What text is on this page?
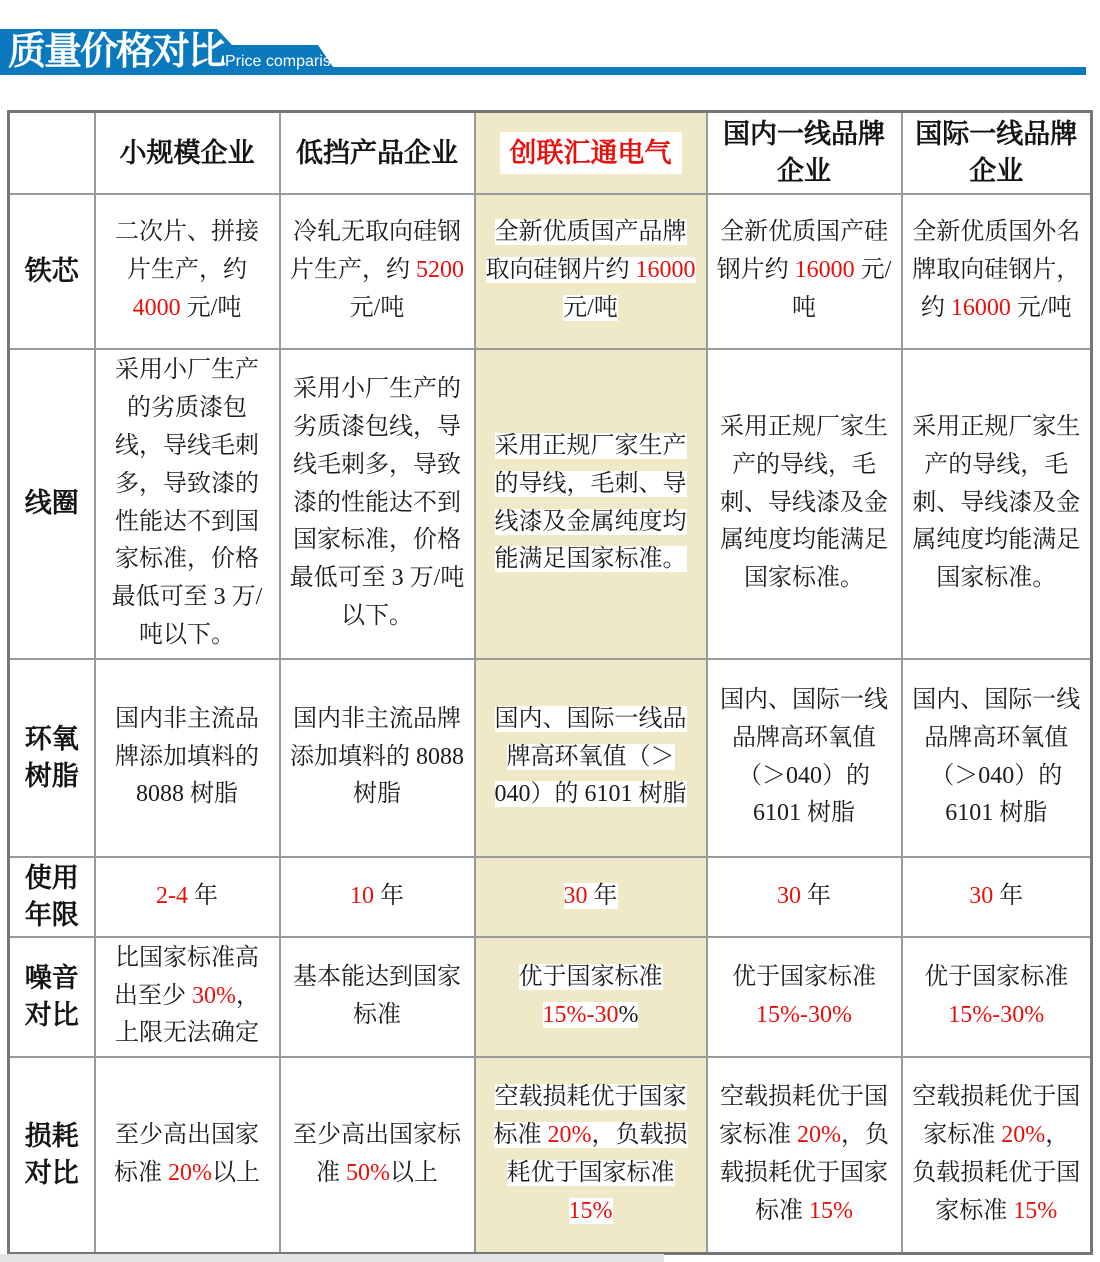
质量价格对比 Price comparison
	小规模企业	低挡产品企业	创联汇通电气	国内一线品牌企业	国际一线品牌企业
铁芯	二次片、拼接片生产，约 4000 元/吨	冷轧无取向硅钢片生产，约 5200 元/吨	全新优质国产品牌取向硅钢片约 16000 元/吨	全新优质国产硅钢片约 16000 元/吨	全新优质国外名牌取向硅钢片，约 16000 元/吨
线圈	采用小厂生产的劣质漆包线，导线毛刺多，导致漆的性能达不到国家标准，价格最低可至 3 万/吨以下。	采用小厂生产的劣质漆包线，导线毛刺多，导致漆的性能达不到国家标准，价格最低可至 3 万/吨以下。	采用正规厂家生产的导线，毛刺、导线漆及金属纯度均能满足国家标准。	采用正规厂家生产的导线，毛刺、导线漆及金属纯度均能满足国家标准。	采用正规厂家生产的导线，毛刺、导线漆及金属纯度均能满足国家标准。
环氧树脂	国内非主流品牌添加填料的 8088 树脂	国内非主流品牌添加填料的 8088 树脂	国内、国际一线品牌高环氧值（＞040）的 6101 树脂	国内、国际一线品牌高环氧值（＞040）的 6101 树脂	国内、国际一线品牌高环氧值（＞040）的 6101 树脂
使用年限	2-4 年	10 年	30 年	30 年	30 年
噪音对比	比国家标准高出至少 30%，上限无法确定	基本能达到国家标准	优于国家标准 15%-30%	优于国家标准 15%-30%	优于国家标准 15%-30%
损耗对比	至少高出国家标准 20%以上	至少高出国家标准 50%以上	空载损耗优于国家标准 20%，负载损耗优于国家标准 15%	空载损耗优于国家标准 20%，负载损耗优于国家标准 15%	空载损耗优于国家标准 20%，负载损耗优于国家标准 15%
